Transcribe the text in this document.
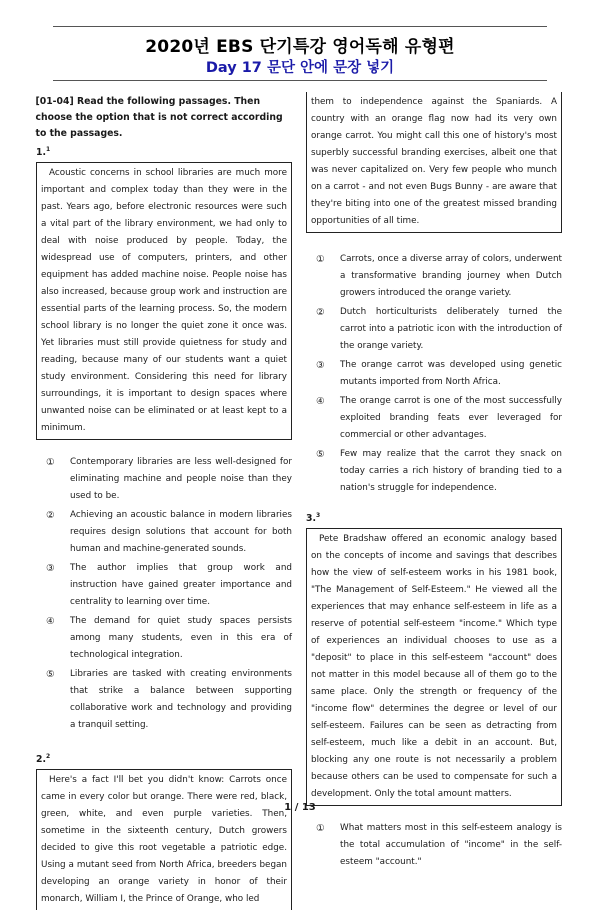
2020년 EBS 단기특강 영어독해 유형편
Day 17 문단 안에 문장 넣기
[01-04] Read the following passages. Then choose the option that is not correct according to the passages.
1.$^1$

Acoustic concerns in school libraries are much more important and complex today than they were in the past. Years ago, before electronic resources were such a vital part of the library environment, we had only to deal with noise produced by people. Today, the widespread use of computers, printers, and other equipment has added machine noise. People noise has also increased, because group work and instruction are essential parts of the learning process. So, the modern school library is no longer the quiet zone it once was. Yet libraries must still provide quietness for study and reading, because many of our students want a quiet study environment. Considering this need for library surroundings, it is important to design spaces where unwanted noise can be eliminated or at least kept to a minimum.

① Contemporary libraries are less well-designed for eliminating machine and people noise than they used to be.
② Achieving an acoustic balance in modern libraries requires design solutions that account for both human and machine-generated sounds.
③ The author implies that group work and instruction have gained greater importance and centrality to learning over time.
④ The demand for quiet study spaces persists among many students, even in this era of technological integration.
⑤ Libraries are tasked with creating environments that strike a balance between supporting collaborative work and technology and providing a tranquil setting.
2.$^2$

Here's a fact I'll bet you didn't know: Carrots once came in every color but orange. There were red, black, green, white, and even purple varieties. Then, sometime in the sixteenth century, Dutch growers decided to give this root vegetable a patriotic edge. Using a mutant seed from North Africa, breeders began developing an orange variety in honor of their monarch, William I, the Prince of Orange, who led

them to independence against the Spaniards. A country with an orange flag now had its very own orange carrot. You might call this one of history's most superbly successful branding exercises, albeit one that was never capitalized on. Very few people who munch on a carrot - and not even Bugs Bunny - are aware that they're biting into one of the greatest missed branding opportunities of all time.

① Carrots, once a diverse array of colors, underwent a transformative branding journey when Dutch growers introduced the orange variety.
② Dutch horticulturists deliberately turned the carrot into a patriotic icon with the introduction of the orange variety.
③ The orange carrot was developed using genetic mutants imported from North Africa.
④ The orange carrot is one of the most successfully exploited branding feats ever leveraged for commercial or other advantages.
⑤ Few may realize that the carrot they snack on today carries a rich history of branding tied to a nation's struggle for independence.
3.$^3$

Pete Bradshaw offered an economic analogy based on the concepts of income and savings that describes how the view of self-esteem works in his 1981 book, "The Management of Self-Esteem." He viewed all the experiences that may enhance self-esteem in life as a reserve of potential self-esteem "income." Which type of experiences an individual chooses to use as a "deposit" to place in this self-esteem "account" does not matter in this model because all of them go to the same place. Only the strength or frequency of the "income flow" determines the degree or level of our self-esteem. Failures can be seen as detracting from self-esteem, much like a debit in an account. But, blocking any one route is not necessarily a problem because others can be used to compensate for such a development. Only the total amount matters.

① What matters most in this self-esteem analogy is the total accumulation of "income" in the self-esteem "account."
1 / 13
